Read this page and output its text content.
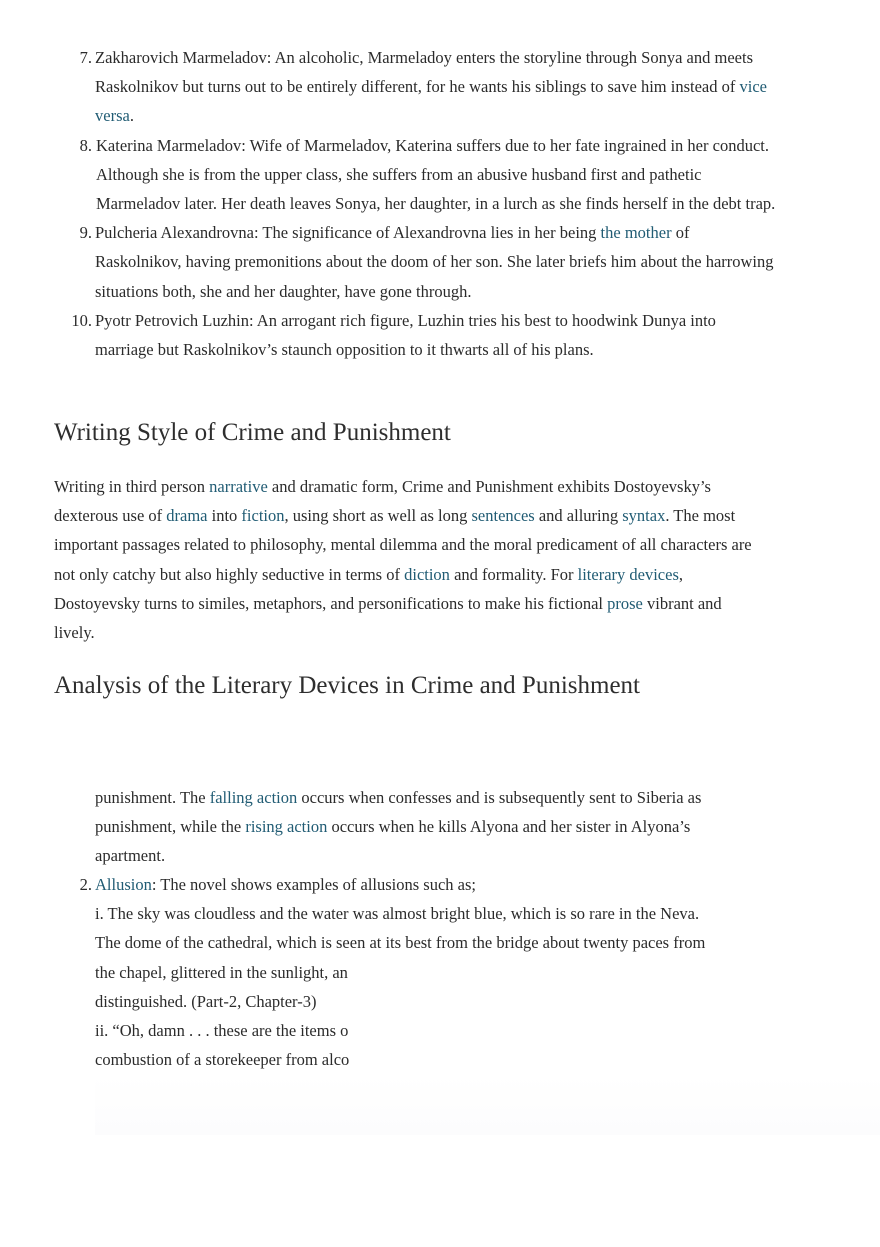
7. Zakharovich Marmeladov: An alcoholic, Marmeladoy enters the storyline through Sonya and meets Raskolnikov but turns out to be entirely different, for he wants his siblings to save him instead of vice versa.
8. Katerina Marmeladov: Wife of Marmeladov, Katerina suffers due to her fate ingrained in her conduct. Although she is from the upper class, she suffers from an abusive husband first and pathetic Marmeladov later. Her death leaves Sonya, her daughter, in a lurch as she finds herself in the debt trap.
9. Pulcheria Alexandrovna: The significance of Alexandrovna lies in her being the mother of Raskolnikov, having premonitions about the doom of her son. She later briefs him about the harrowing situations both, she and her daughter, have gone through.
10. Pyotr Petrovich Luzhin: An arrogant rich figure, Luzhin tries his best to hoodwink Dunya into marriage but Raskolnikov’s staunch opposition to it thwarts all of his plans.
Writing Style of Crime and Punishment

Writing in third person narrative and dramatic form, Crime and Punishment exhibits Dostoyevsky’s dexterous use of drama into fiction, using short as well as long sentences and alluring syntax. The most important passages related to philosophy, mental dilemma and the moral predicament of all characters are not only catchy but also highly seductive in terms of diction and formality. For literary devices, Dostoyevsky turns to similes, metaphors, and personifications to make his fictional prose vibrant and lively.

Analysis of the Literary Devices in Crime and Punishment
punishment. The falling action occurs when confesses and is subsequently sent to Siberia as punishment, while the rising action occurs when he kills Alyona and her sister in Alyona’s apartment.
2. Allusion: The novel shows examples of allusions such as;
i. The sky was cloudless and the water was almost bright blue, which is so rare in the Neva.
The dome of the cathedral, which is seen at its best from the bridge about twenty paces from
the chapel, glittered in the sunlight, an
distinguished. (Part-2, Chapter-3)
ii. “Oh, damn . . . these are the items o
combustion of a storekeeper from alco
